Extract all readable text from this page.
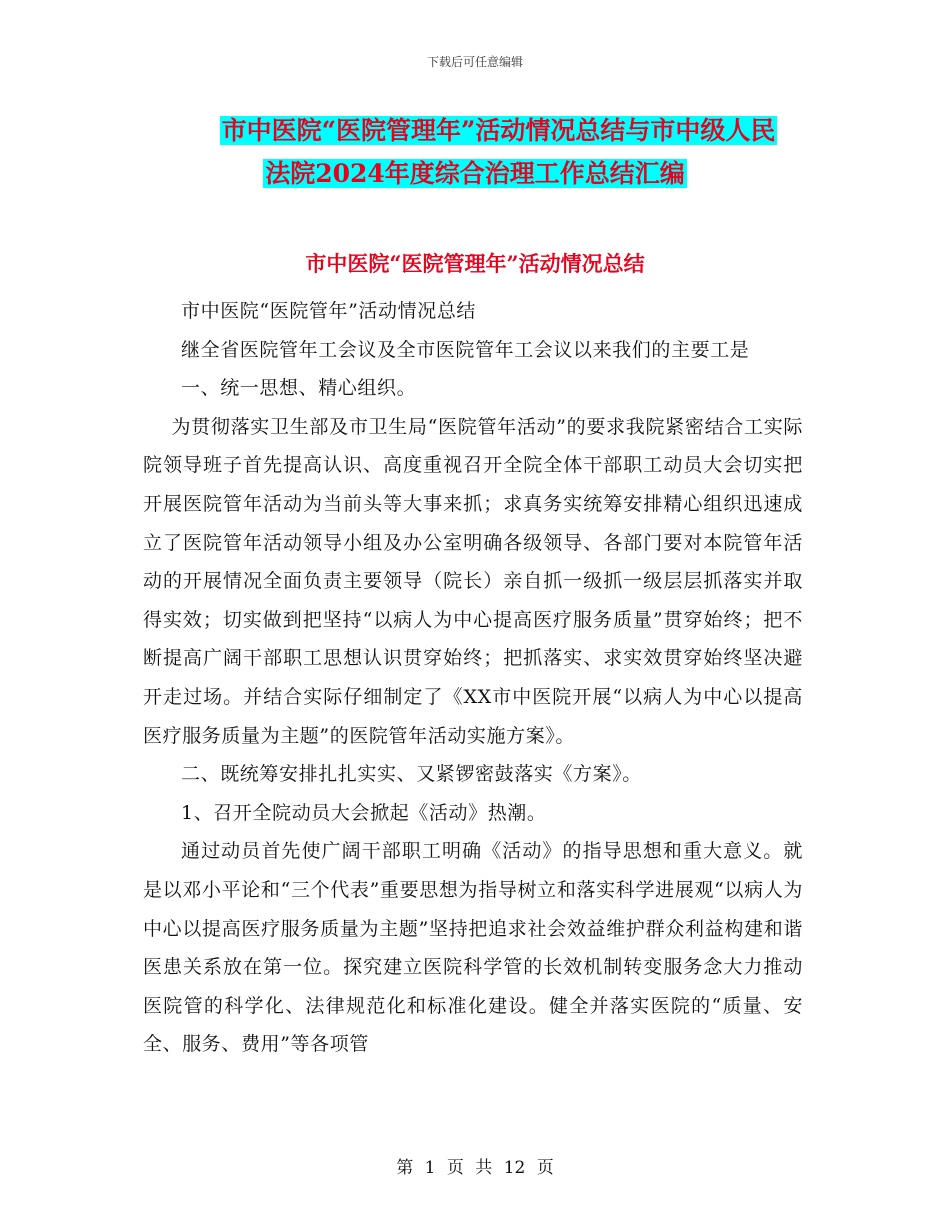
下载后可任意编辑
市中医院“医院管理年”活动情况总结与市中级人民
法院2024年度综合治理工作总结汇编
市中医院“医院管理年”活动情况总结

市中医院“医院管年”活动情况总结

继全省医院管年工会议及全市医院管年工会议以来我们的主要工是

一、统一思想、精心组织。

为贯彻落实卫生部及市卫生局“医院管年活动”的要求我院紧密结合工实际院领导班子首先提高认识、高度重视召开全院全体干部职工动员大会切实把开展医院管年活动为当前头等大事来抓；求真务实统筹安排精心组织迅速成立了医院管年活动领导小组及办公室明确各级领导、各部门要对本院管年活动的开展情况全面负责主要领导（院长）亲自抓一级抓一级层层抓落实并取得实效；切实做到把坚持“以病人为中心提高医疗服务质量”贯穿始终；把不断提高广阔干部职工思想认识贯穿始终；把抓落实、求实效贯穿始终坚决避开走过场。并结合实际仔细制定了《XX市中医院开展“以病人为中心以提高医疗服务质量为主题”的医院管年活动实施方案》。

二、既统筹安排扎扎实实、又紧锣密鼓落实《方案》。

1、召开全院动员大会掀起《活动》热潮。

通过动员首先使广阔干部职工明确《活动》的指导思想和重大意义。就是以邓小平论和“三个代表”重要思想为指导树立和落实科学进展观“以病人为中心以提高医疗服务质量为主题”坚持把追求社会效益维护群众利益构建和谐医患关系放在第一位。探究建立医院科学管的长效机制转变服务念大力推动医院管的科学化、法律规范化和标准化建设。健全并落实医院的“质量、安全、服务、费用”等各项管

第 1 页 共 12 页
